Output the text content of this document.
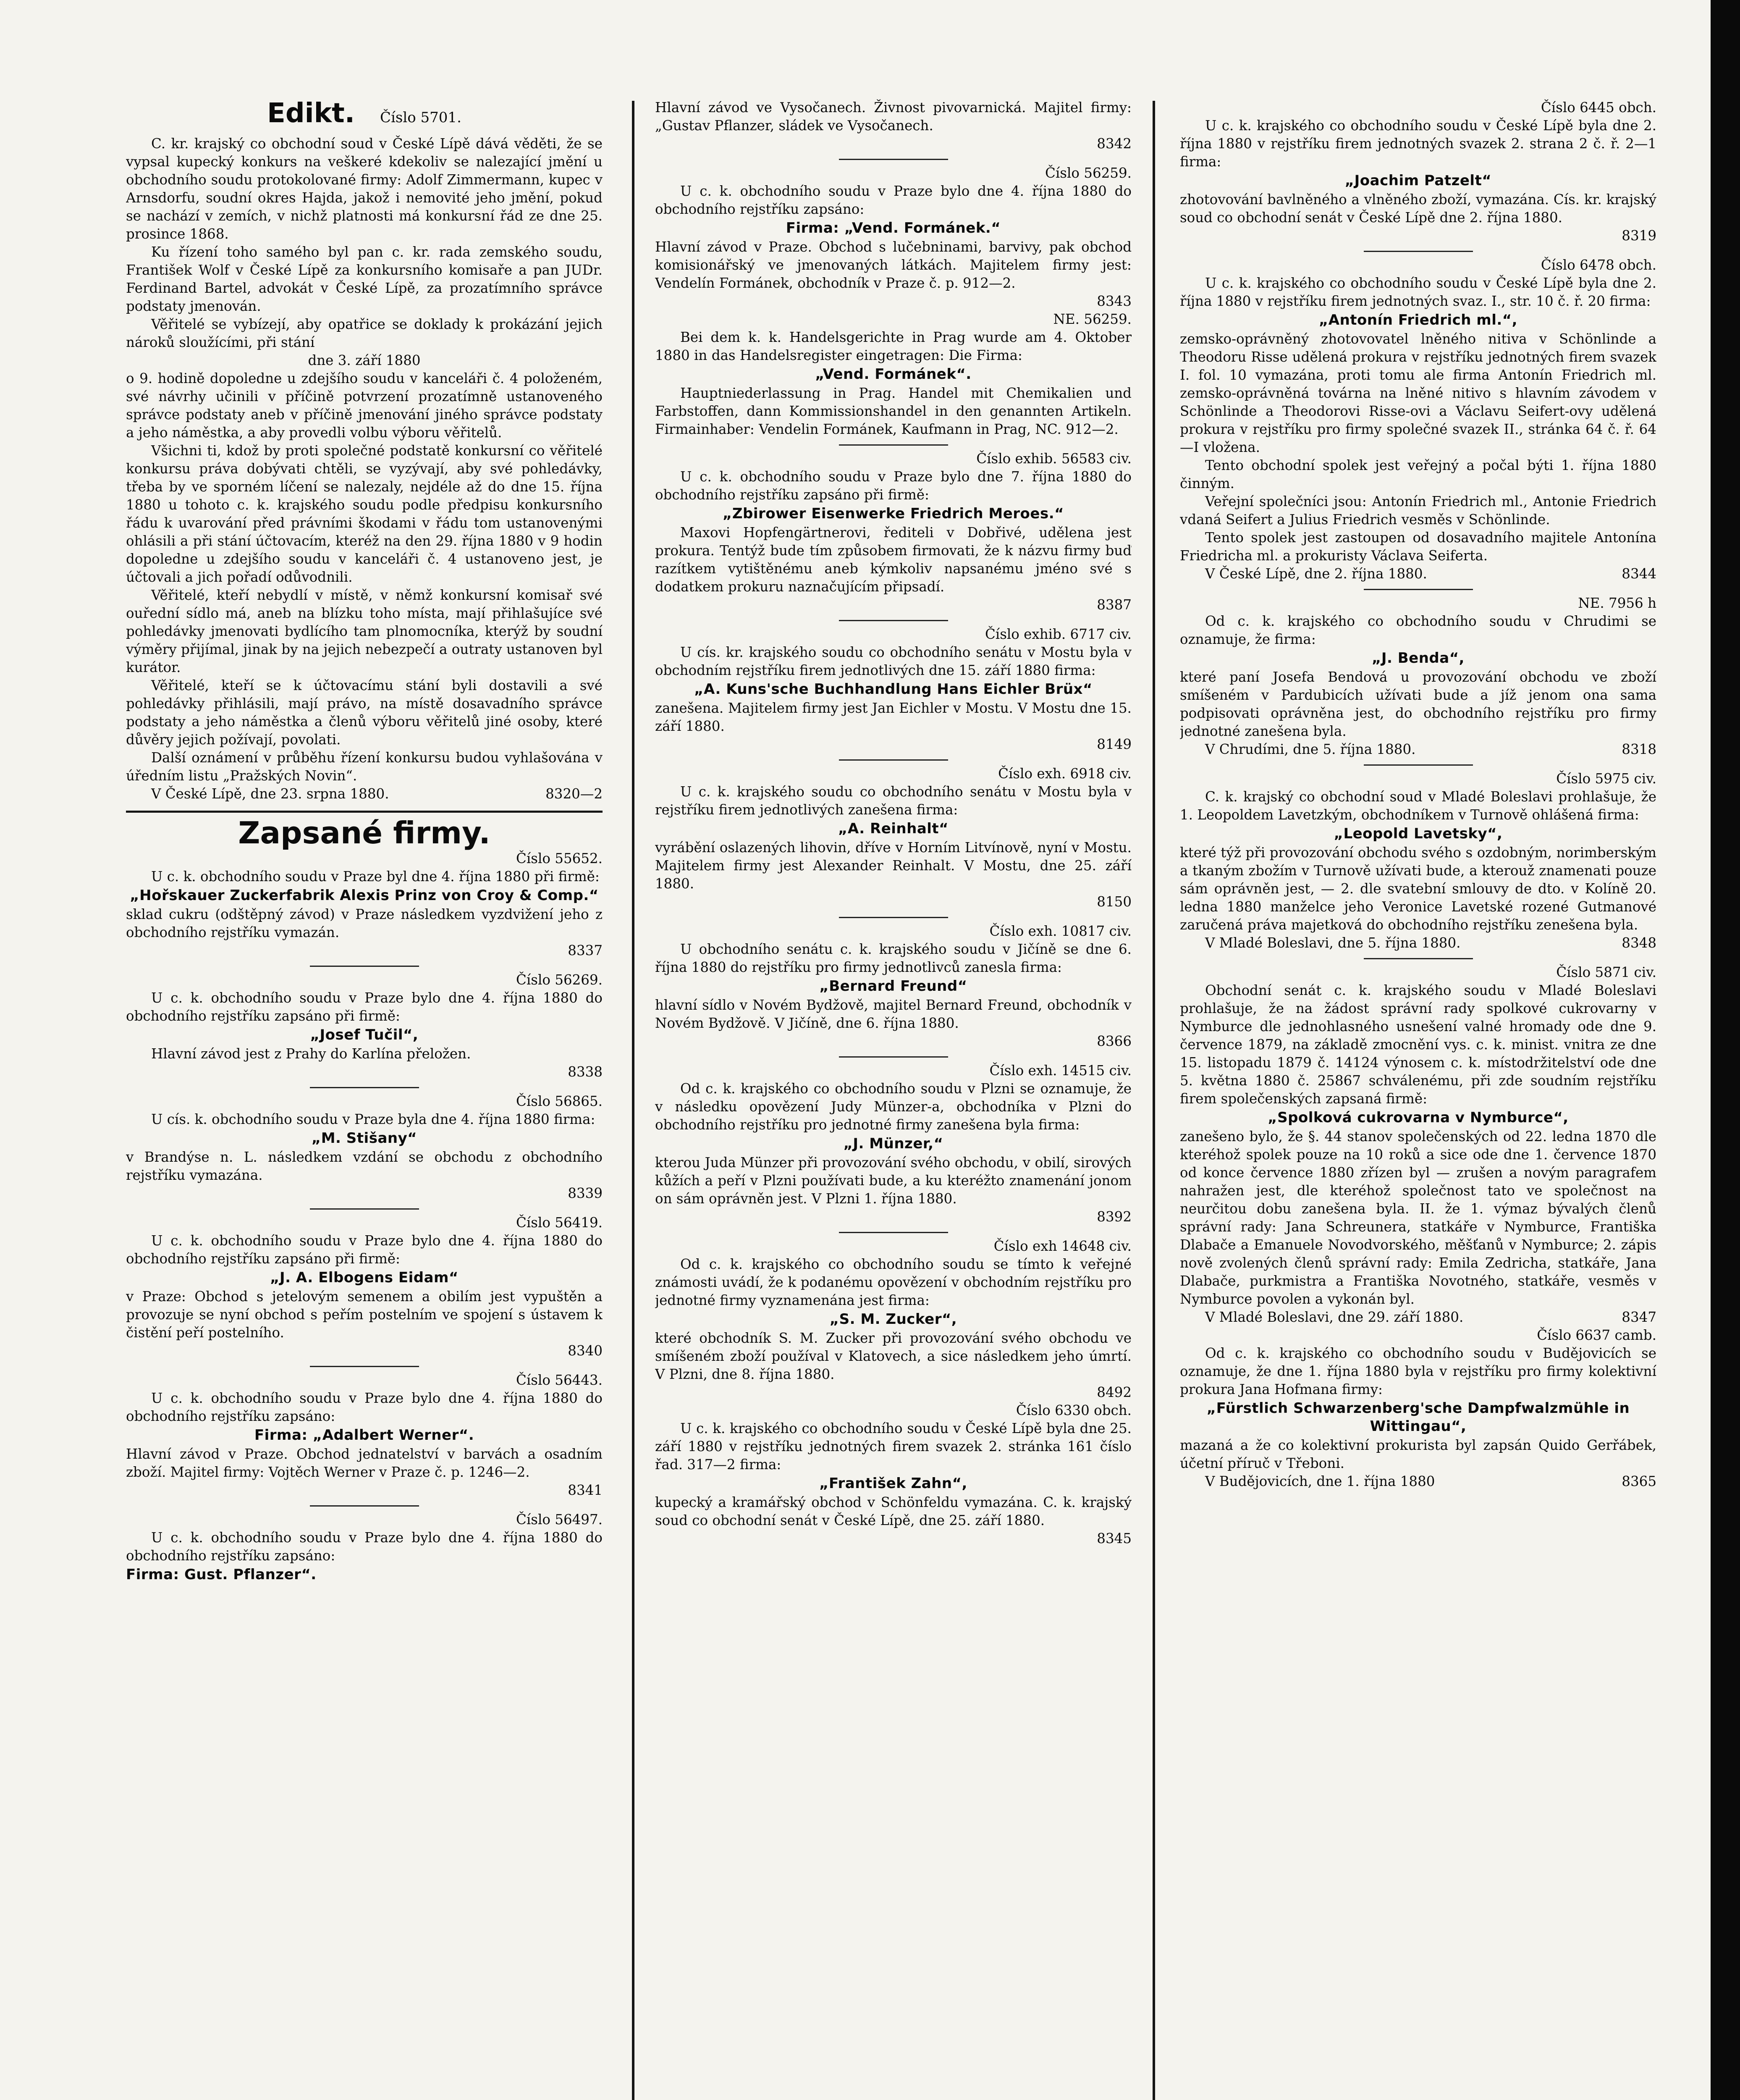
Edikt. Číslo 5701.

C. kr. krajský co obchodní soud v České Lípě dává věděti, že se vypsal kupecký konkurs na veškeré kdekoliv se nalezající jmění u obchodního soudu protokolované firmy: Adolf Zimmermann, kupec v Arnsdorfu, soudní okres Hajda, jakož i nemovité jeho jmění, pokud se nachází v zemích, v nichž platnosti má konkursní řád ze dne 25. prosince 1868.

Ku řízení toho samého byl pan c. kr. rada zemského soudu, František Wolf v České Lípě za konkursního komisaře a pan JUDr. Ferdinand Bartel, advokát v České Lípě, za prozatímního správce podstaty jmenován.

Věřitelé se vybízejí, aby opatřice se doklady k prokázání jejich nároků sloužícími, při stání

dne 3. září 1880

o 9. hodině dopoledne u zdejšího soudu v kanceláři č. 4 položeném, své návrhy učinili v příčině potvrzení prozatímně ustanoveného správce podstaty aneb v příčině jmenování jiného správce podstaty a jeho náměstka, a aby provedli volbu výboru věřitelů.

Všichni ti, kdož by proti společné podstatě konkursní co věřitelé konkursu práva dobývati chtěli, se vyzývají, aby své pohledávky, třeba by ve sporném líčení se nalezaly, nejdéle až do dne 15. října 1880 u tohoto c. k. krajského soudu podle předpisu konkursního řádu k uvarování před právními škodami v řádu tom ustanovenými ohlásili a při stání účtovacím, kteréž na den 29. října 1880 v 9 hodin dopoledne u zdejšího soudu v kanceláři č. 4 ustanoveno jest, je účtovali a jich pořadí odůvodnili.

Věřitelé, kteří nebydlí v místě, v němž konkursní komisař své ouřední sídlo má, aneb na blízku toho místa, mají přihlašujíce své pohledávky jmenovati bydlícího tam plnomocníka, kterýž by soudní výměry přijímal, jinak by na jejich nebezpečí a outraty ustanoven byl kurátor.

Věřitelé, kteří se k účtovacímu stání byli dostavili a své pohledávky přihlásili, mají právo, na místě dosavadního správce podstaty a jeho náměstka a členů výboru věřitelů jiné osoby, které důvěry jejich požívají, povolati.

Další oznámení v průběhu řízení konkursu budou vyhlašována v úředním listu „Pražských Novin“.

V České Lípě, dne 23. srpna 1880.	8320—2
Zapsané firmy.

Číslo 55652.

U c. k. obchodního soudu v Praze byl dne 4. října 1880 při firmě:

„Hořskauer Zuckerfabrik Alexis Prinz von Croy & Comp.“

sklad cukru (odštěpný závod) v Praze následkem vyzdvižení jeho z obchodního rejstříku vymazán.

8337

Číslo 56269.

U c. k. obchodního soudu v Praze bylo dne 4. října 1880 do obchodního rejstříku zapsáno při firmě:

„Josef Tučil“,

Hlavní závod jest z Prahy do Karlína přeložen.

8338

Číslo 56865.

U cís. k. obchodního soudu v Praze byla dne 4. října 1880 firma:

„M. Stišany“

v Brandýse n. L. následkem vzdání se obchodu z obchodního rejstříku vymazána.

8339

Číslo 56419.

U c. k. obchodního soudu v Praze bylo dne 4. října 1880 do obchodního rejstříku zapsáno při firmě:

„J. A. Elbogens Eidam“

v Praze: Obchod s jetelovým semenem a obilím jest vypuštěn a provozuje se nyní obchod s peřím postelním ve spojení s ústavem k čistění peří postelního.

8340

Číslo 56443.

U c. k. obchodního soudu v Praze bylo dne 4. října 1880 do obchodního rejstříku zapsáno:

Firma: „Adalbert Werner“.

Hlavní závod v Praze. Obchod jednatelství v barvách a osadním zboží. Majitel firmy: Vojtěch Werner v Praze č. p. 1246—2.

8341

Číslo 56497.

U c. k. obchodního soudu v Praze bylo dne 4. října 1880 do obchodního rejstříku zapsáno:

Firma: Gust. Pflanzer“.

Hlavní závod ve Vysočanech. Živnost pivovarnická. Majitel firmy: „Gustav Pflanzer, sládek ve Vysočanech.

8342

Číslo 56259.

U c. k. obchodního soudu v Praze bylo dne 4. října 1880 do obchodního rejstříku zapsáno:

Firma: „Vend. Formánek.“

Hlavní závod v Praze. Obchod s lučebninami, barvivy, pak obchod komisionářský ve jmenovaných látkách. Majitelem firmy jest: Vendelín Formánek, obchodník v Praze č. p. 912—2.

8343

NE. 56259.

Bei dem k. k. Handelsgerichte in Prag wurde am 4. Oktober 1880 in das Handelsregister eingetragen: Die Firma:

„Vend. Formánek“.

Hauptniederlassung in Prag. Handel mit Chemikalien und Farbstoffen, dann Kommissionshandel in den genannten Artikeln. Firmainhaber: Vendelin Formánek, Kaufmann in Prag, NC. 912—2.

Číslo exhib. 56583 civ.

U c. k. obchodního soudu v Praze bylo dne 7. října 1880 do obchodního rejstříku zapsáno při firmě:

„Zbirower Eisenwerke Friedrich Meroes.“

Maxovi Hopfengärtnerovi, řediteli v Dobřivé, udělena jest prokura. Tentýž bude tím způsobem firmovati, že k názvu firmy buď razítkem vytištěnému aneb kýmkoliv napsanému jméno své s dodatkem prokuru naznačujícím připsadí.

8387

Číslo exhib. 6717 civ.

U cís. kr. krajského soudu co obchodního senátu v Mostu byla v obchodním rejstříku firem jednotlivých dne 15. září 1880 firma:

„A. Kuns'sche Buchhandlung Hans Eichler Brüx“

zanešena. Majitelem firmy jest Jan Eichler v Mostu. V Mostu dne 15. září 1880.

8149

Číslo exh. 6918 civ.

U c. k. krajského soudu co obchodního senátu v Mostu byla v rejstříku firem jednotlivých zanešena firma:

„A. Reinhalt“

vyrábění oslazených lihovin, dříve v Horním Litvínově, nyní v Mostu. Majitelem firmy jest Alexander Reinhalt. V Mostu, dne 25. září 1880.

8150

Číslo exh. 10817 civ.

U obchodního senátu c. k. krajského soudu v Jičíně se dne 6. října 1880 do rejstříku pro firmy jednotlivců zanesla firma:

„Bernard Freund“

hlavní sídlo v Novém Bydžově, majitel Bernard Freund, obchodník v Novém Bydžově. V Jičíně, dne 6. října 1880.

8366

Číslo exh. 14515 civ.

Od c. k. krajského co obchodního soudu v Plzni se oznamuje, že v následku opovězení Judy Münzer-a, obchodníka v Plzni do obchodního rejstříku pro jednotné firmy zanešena byla firma:

„J. Münzer,“

kterou Juda Münzer při provozování svého obchodu, v obilí, sirových kůžích a peří v Plzni používati bude, a ku kteréžto znamenání jonom on sám oprávněn jest. V Plzni 1. října 1880.

8392

Číslo exh 14648 civ.

Od c. k. krajského co obchodního soudu se tímto k veřejné známosti uvádí, že k podanému opovězení v obchodním rejstříku pro jednotné firmy vyznamenána jest firma:

„S. M. Zucker“,

které obchodník S. M. Zucker při provozování svého obchodu ve smíšeném zboží používal v Klatovech, a sice následkem jeho úmrtí. V Plzni, dne 8. října 1880.

8492

Číslo 6330 obch.

U c. k. krajského co obchodního soudu v České Lípě byla dne 25. září 1880 v rejstříku jednotných firem svazek 2. stránka 161 číslo řad. 317—2 firma:

„František Zahn“,

kupecký a kramářský obchod v Schönfeldu vymazána. C. k. krajský soud co obchodní senát v České Lípě, dne 25. září 1880.

8345

Číslo 6445 obch.

U c. k. krajského co obchodního soudu v České Lípě byla dne 2. října 1880 v rejstříku firem jednotných svazek 2. strana 2 č. ř. 2—1 firma:

„Joachim Patzelt“

zhotovování bavlněného a vlněného zboží, vymazána. Cís. kr. krajský soud co obchodní senát v České Lípě dne 2. října 1880.

8319

Číslo 6478 obch.

U c. k. krajského co obchodního soudu v České Lípě byla dne 2. října 1880 v rejstříku firem jednotných svaz. I., str. 10 č. ř. 20 firma:

„Antonín Friedrich ml.“,

zemsko-oprávněný zhotovovatel lněného nitiva v Schönlinde a Theodoru Risse udělená prokura v rejstříku jednotných firem svazek I. fol. 10 vymazána, proti tomu ale firma Antonín Friedrich ml. zemsko-oprávněná továrna na lněné nitivo s hlavním závodem v Schönlinde a Theodorovi Risse-ovi a Václavu Seifert-ovy udělená prokura v rejstříku pro firmy společné svazek II., stránka 64 č. ř. 64—I vložena.

Tento obchodní spolek jest veřejný a počal býti 1. října 1880 činným.

Veřejní společníci jsou: Antonín Friedrich ml., Antonie Friedrich vdaná Seifert a Julius Friedrich vesměs v Schönlinde.

Tento spolek jest zastoupen od dosavadního majitele Antonína Friedricha ml. a prokuristy Václava Seiferta.

V České Lípě, dne 2. října 1880.	8344

NE. 7956 h

Od c. k. krajského co obchodního soudu v Chrudimi se oznamuje, že firma:

„J. Benda“,

které paní Josefa Bendová u provozování obchodu ve zboží smíšeném v Pardubicích užívati bude a jíž jenom ona sama podpisovati oprávněna jest, do obchodního rejstříku pro firmy jednotné zanešena byla.

V Chrudími, dne 5. října 1880.	8318

Číslo 5975 civ.

C. k. krajský co obchodní soud v Mladé Boleslavi prohlašuje, že 1. Leopoldem Lavetzkým, obchodníkem v Turnově ohlášená firma:

„Leopold Lavetsky“,

které týž při provozování obchodu svého s ozdobným, norimberským a tkaným zbožím v Turnově užívati bude, a kterouž znamenati pouze sám oprávněn jest, — 2. dle svatební smlouvy de dto. v Kolíně 20. ledna 1880 manželce jeho Veronice Lavetské rozené Gutmanové zaručená práva majetková do obchodního rejstříku zenešena byla.

V Mladé Boleslavi, dne 5. října 1880.	8348

Číslo 5871 civ.

Obchodní senát c. k. krajského soudu v Mladé Boleslavi prohlašuje, že na žádost správní rady spolkové cukrovarny v Nymburce dle jednohlasného usnešení valné hromady ode dne 9. července 1879, na základě zmocnění vys. c. k. minist. vnitra ze dne 15. listopadu 1879 č. 14124 výnosem c. k. místodržitelství ode dne 5. května 1880 č. 25867 schválenému, při zde soudním rejstříku firem společenských zapsaná firmě:

„Spolková cukrovarna v Nymburce“,

zanešeno bylo, že §. 44 stanov společenských od 22. ledna 1870 dle kteréhož spolek pouze na 10 roků a sice ode dne 1. července 1870 od konce července 1880 zřízen byl — zrušen a novým paragrafem nahražen jest, dle kteréhož společnost tato ve společnost na neurčitou dobu zanešena byla. II. že 1. výmaz bývalých členů správní rady: Jana Schreunera, statkáře v Nymburce, Františka Dlabače a Emanuele Novodvorského, měšťanů v Nymburce; 2. zápis nově zvolených členů správní rady: Emila Zedricha, statkáře, Jana Dlabače, purkmistra a Františka Novotného, statkáře, vesměs v Nymburce povolen a vykonán byl.

V Mladé Boleslavi, dne 29. září 1880.	8347

Číslo 6637 camb.

Od c. k. krajského co obchodního soudu v Budějovicích se oznamuje, že dne 1. října 1880 byla v rejstříku pro firmy kolektivní prokura Jana Hofmana firmy:

„Fürstlich Schwarzenberg'sche Dampfwalzmühle in Wittingau“,

mazaná a že co kolektivní prokurista byl zapsán Quido Gerřábek, účetní příruč v Třeboni.

V Budějovicích, dne 1. října 1880	8365
